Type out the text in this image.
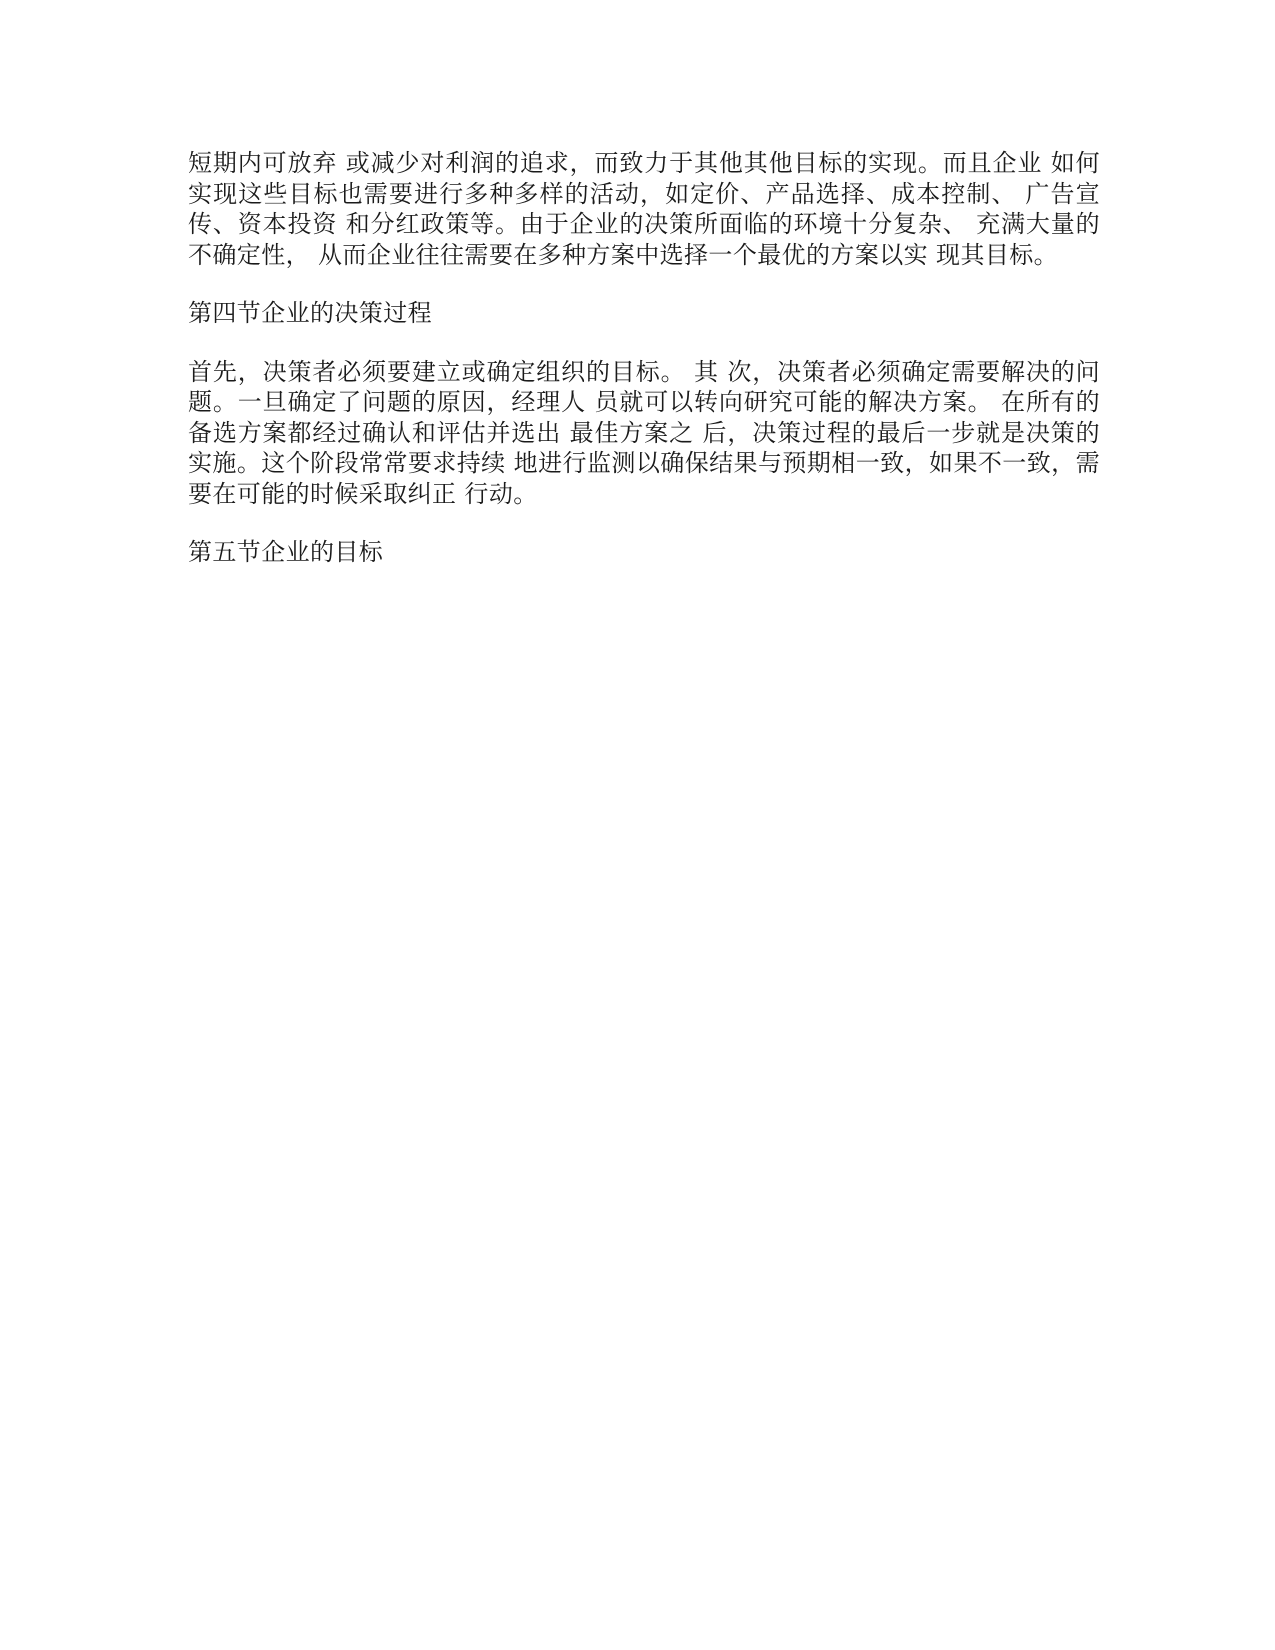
短期内可放弃 或减少对利润的追求，而致力于其他其他目标的实现。而且企业 如何实现这些目标也需要进行多种多样的活动，如定价、产品选择、成本控制、 广告宣传、资本投资 和分红政策等。由于企业的决策所面临的环境十分复杂、 充满大量的不确定性， 从而企业往往需要在多种方案中选择一个最优的方案以实 现其目标。

第四节企业的决策过程

首先，决策者必须要建立或确定组织的目标。 其 次，决策者必须确定需要解决的问题。一旦确定了问题的原因，经理人 员就可以转向研究可能的解决方案。 在所有的备选方案都经过确认和评估并选出 最佳方案之 后，决策过程的最后一步就是决策的实施。这个阶段常常要求持续 地进行监测以确保结果与预期相一致，如果不一致，需要在可能的时候采取纠正 行动。

第五节企业的目标
